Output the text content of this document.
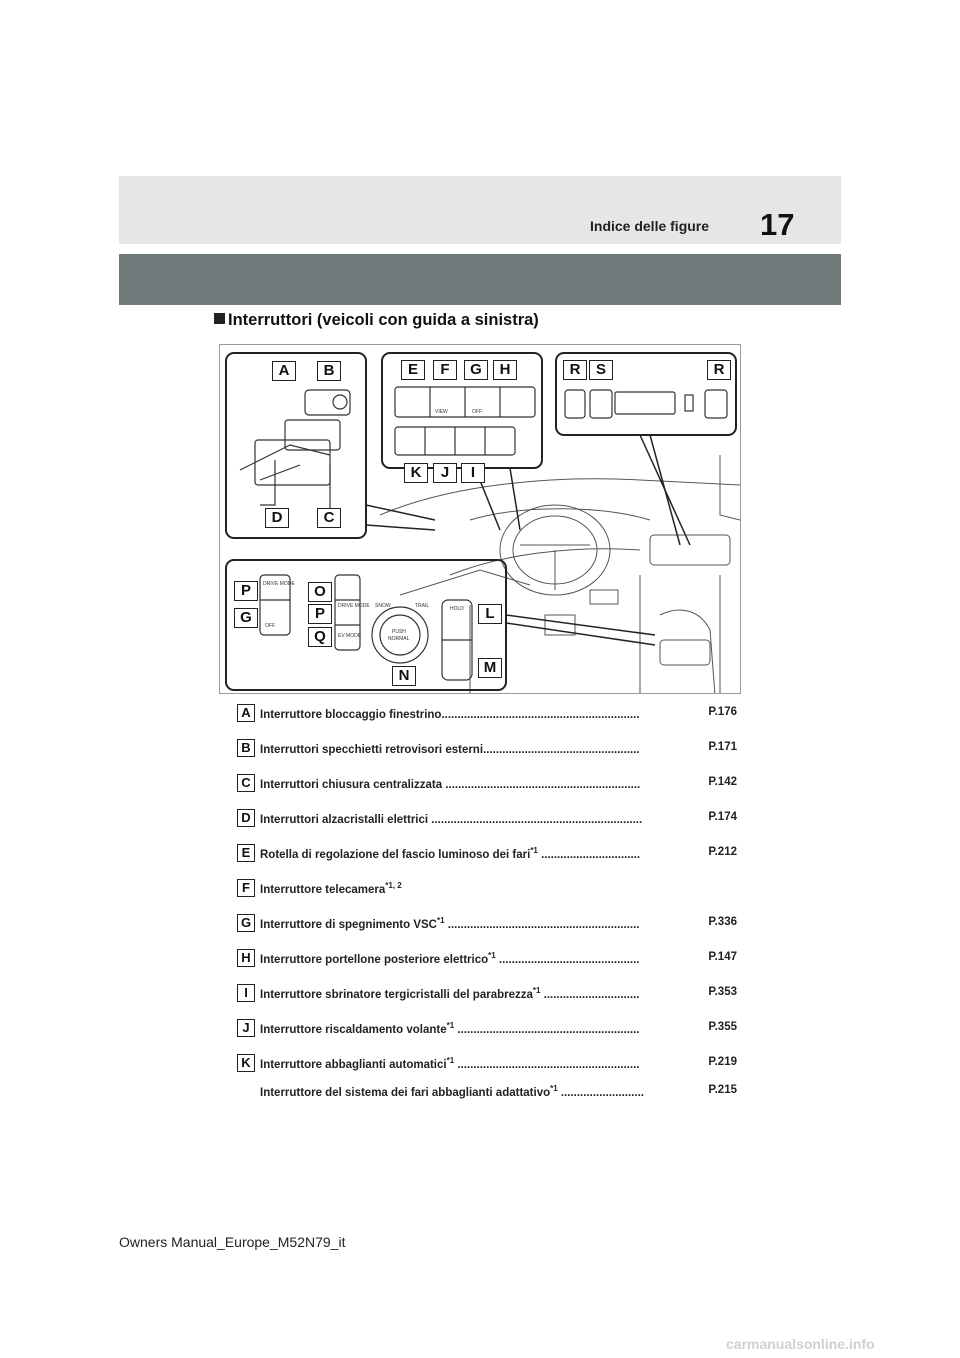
Indice delle figure 17
Interruttori (veicoli con guida a sinistra)
DRIVE MODE
DRIVE MODE
EV MODE
SNOW	TRAIL
PUSH
NORMAL
HOLD
VIEW	OFF
OFF
A	B
C
D
E	F	G	H
I
J
K
L
M
N
O
P
P
G
Q
R	S	R
A Interruttore bloccaggio finestrino..............................................................	P.176
B Interruttori specchietti retrovisori esterni.................................................	P.171
C Interruttori chiusura centralizzata .............................................................	P.142
D Interruttori alzacristalli elettrici ..................................................................	P.174
E Rotella di regolazione del fascio luminoso dei fari$^{*1}$ ...............................	P.212
F Interruttore telecamera$^{*1, 2}$
G Interruttore di spegnimento VSC$^{*1}$ ............................................................	P.336
H Interruttore portellone posteriore elettrico$^{*1}$ ............................................	P.147
I	Interruttore sbrinatore tergicristalli del parabrezza$^{*1}$ ..............................	P.353
J Interruttore riscaldamento volante$^{*1}$ .........................................................	P.355
K Interruttore abbaglianti automatici$^{*1}$ .........................................................	P.219
Interruttore del sistema dei fari abbaglianti adattativo$^{*1}$ ..........................	P.215
Owners Manual_Europe_M52N79_it
carmanualsonline.info
